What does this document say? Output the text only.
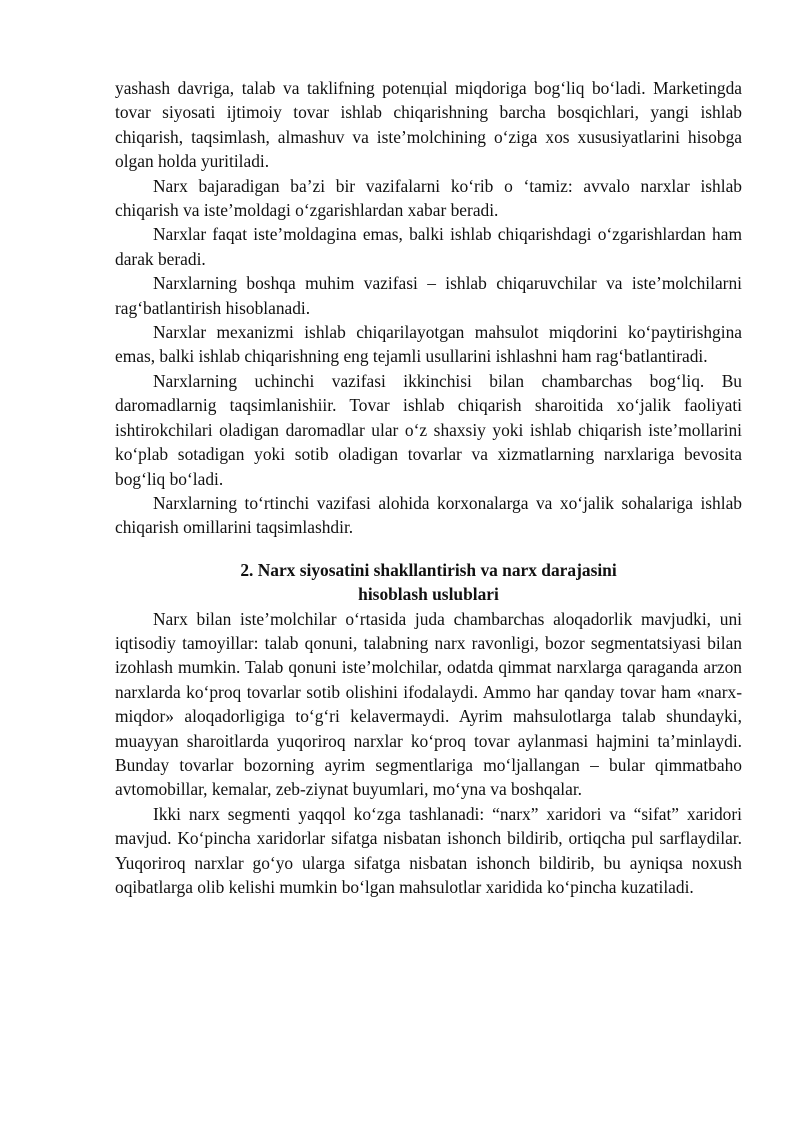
yashash davriga, talab va taklifning potenцial miqdoriga bog‘liq bo‘ladi. Marketingda tovar siyosati ijtimoiy tovar ishlab chiqarishning barcha bosqichlari, yangi ishlab chiqarish, taqsimlash, almashuv va iste’molchining o‘ziga xos xususiyatlarini hisobga olgan holda yuritiladi.

Narx bajaradigan ba’zi bir vazifalarni ko‘rib o ‘tamiz: avvalo narxlar ishlab chiqarish va iste’moldagi o‘zgarishlardan xabar beradi.

Narxlar faqat iste’moldagina emas, balki ishlab chiqarishdagi o‘zgarishlardan ham darak beradi.

Narxlarning boshqa muhim vazifasi – ishlab chiqaruvchilar va iste’molchilarni rag‘batlantirish hisoblanadi.

Narxlar mexanizmi ishlab chiqarilayotgan mahsulot miqdorini ko‘paytirishgina emas, balki ishlab chiqarishning eng tejamli usullarini ishlashni ham rag‘batlantiradi.

Narxlarning uchinchi vazifasi ikkinchisi bilan chambarchas bog‘liq. Bu daromadlarnig taqsimlanishiir. Tovar ishlab chiqarish sharoitida xo‘jalik faoliyati ishtirokchilari oladigan daromadlar ular o‘z shaxsiy yoki ishlab chiqarish iste’mollarini ko‘plab sotadigan yoki sotib oladigan tovarlar va xizmatlarning narxlariga bevosita bog‘liq bo‘ladi.

Narxlarning to‘rtinchi vazifasi alohida korxonalarga va xo‘jalik sohalariga ishlab chiqarish omillarini taqsimlashdir.

2. Narx siyosatini shakllantirish va narx darajasini
hisoblash uslublari

Narx bilan iste’molchilar o‘rtasida juda chambarchas aloqadorlik mavjudki, uni iqtisodiy tamoyillar: talab qonuni, talabning narx ravonligi, bozor segmentatsiyasi bilan izohlash mumkin. Talab qonuni iste’molchilar, odatda qimmat narxlarga qaraganda arzon narxlarda ko‘proq tovarlar sotib olishini ifodalaydi. Ammo har qanday tovar ham «narx-miqdor» aloqadorligiga to‘g‘ri kelavermaydi. Ayrim mahsulotlarga talab shundayki, muayyan sharoitlarda yuqoriroq narxlar ko‘proq tovar aylanmasi hajmini ta’minlaydi. Bunday tovarlar bozorning ayrim segmentlariga mo‘ljallangan – bular qimmatbaho avtomobillar, kemalar, zeb-ziynat buyumlari, mo‘yna va boshqalar.

Ikki narx segmenti yaqqol ko‘zga tashlanadi: “narx” xaridori va “sifat” xaridori mavjud. Ko‘pincha xaridorlar sifatga nisbatan ishonch bildirib, ortiqcha pul sarflaydilar. Yuqoriroq narxlar go‘yo ularga sifatga nisbatan ishonch bildirib, bu ayniqsa noxush oqibatlarga olib kelishi mumkin bo‘lgan mahsulotlar xaridida ko‘pincha kuzatiladi.
